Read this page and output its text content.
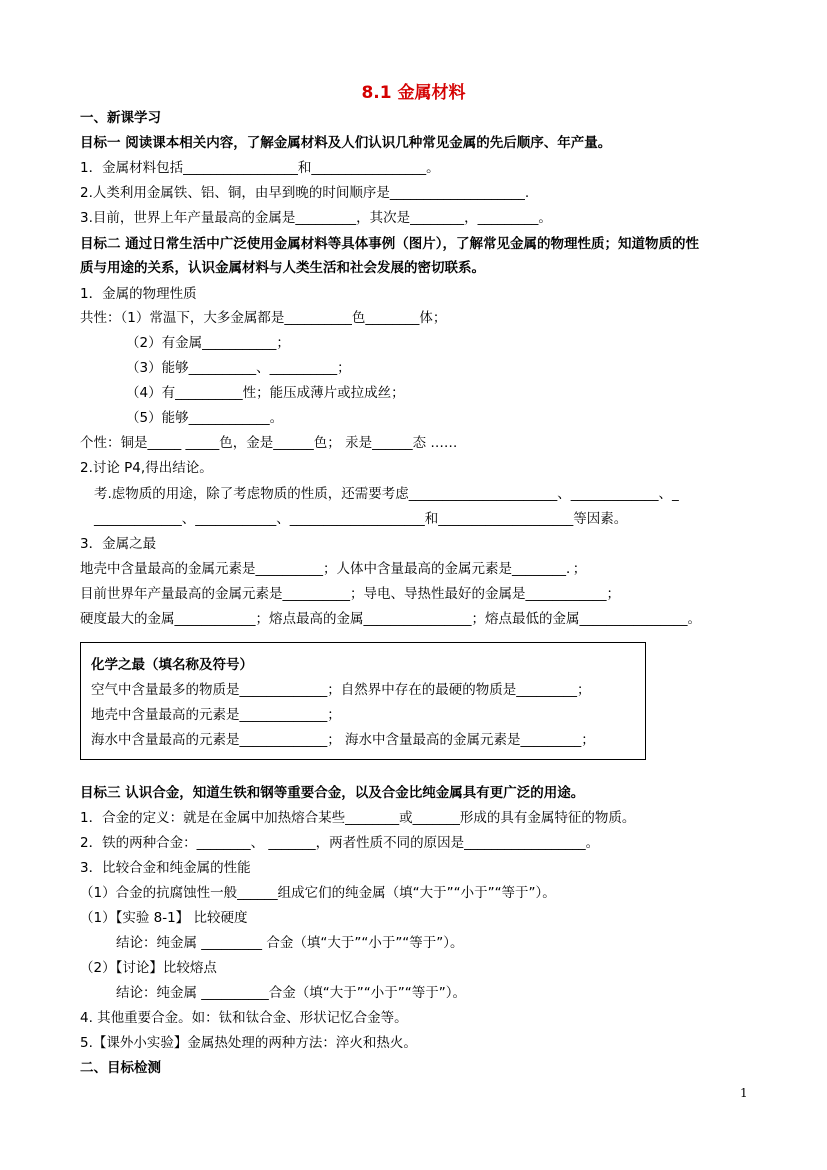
8.1 金属材料
一、新课学习
目标一 阅读课本相关内容，了解金属材料及人们认识几种常见金属的先后顺序、年产量。
1．金属材料包括_________________和_________________。
2.人类利用金属铁、铝、铜，由早到晚的时间顺序是____________________.
3.目前，世界上年产量最高的金属是_________，其次是________，_________。
目标二 通过日常生活中广泛使用金属材料等具体事例（图片），了解常见金属的物理性质；知道物质的性
质与用途的关系，认识金属材料与人类生活和社会发展的密切联系。
1．金属的物理性质
共性：（1）常温下，大多金属都是__________色________体；
（2）有金属___________；
（3）能够__________、__________；
（4）有__________性；能压成薄片或拉成丝；
（5）能够____________。
个性：铜是_____ _____色，金是______色； 汞是______态 ……
2.讨论 P4,得出结论。
考.虑物质的用途，除了考虑物质的性质，还需要考虑______________________、_____________、_
_____________、____________、____________________和____________________等因素。
3．金属之最
地壳中含量最高的金属元素是__________；人体中含量最高的金属元素是________．；
目前世界年产量最高的金属元素是__________；导电、导热性最好的金属是____________；
硬度最大的金属____________；熔点最高的金属________________；熔点最低的金属________________。
化学之最（填名称及符号）
空气中含量最多的物质是_____________；自然界中存在的最硬的物质是_________；
地壳中含量最高的元素是_____________；
海水中含量最高的元素是_____________； 海水中含量最高的金属元素是_________；
目标三 认识合金，知道生铁和钢等重要合金，以及合金比纯金属具有更广泛的用途。
1．合金的定义：就是在金属中加热熔合某些________或_______形成的具有金属特征的物质。
2．铁的两种合金：________、 _______，两者性质不同的原因是__________________。
3．比较合金和纯金属的性能
（1）合金的抗腐蚀性一般______组成它们的纯金属（填“大于”“小于”“等于”）。
（1）【实验 8-1】 比较硬度
结论：纯金属 _________ 合金（填“大于”“小于”“等于”）。
（2）【讨论】比较熔点
结论：纯金属 __________合金（填“大于”“小于”“等于”）。
4. 其他重要合金。如：钛和钛合金、形状记忆合金等。
5.【课外小实验】金属热处理的两种方法：淬火和热火。
二、目标检测
1
